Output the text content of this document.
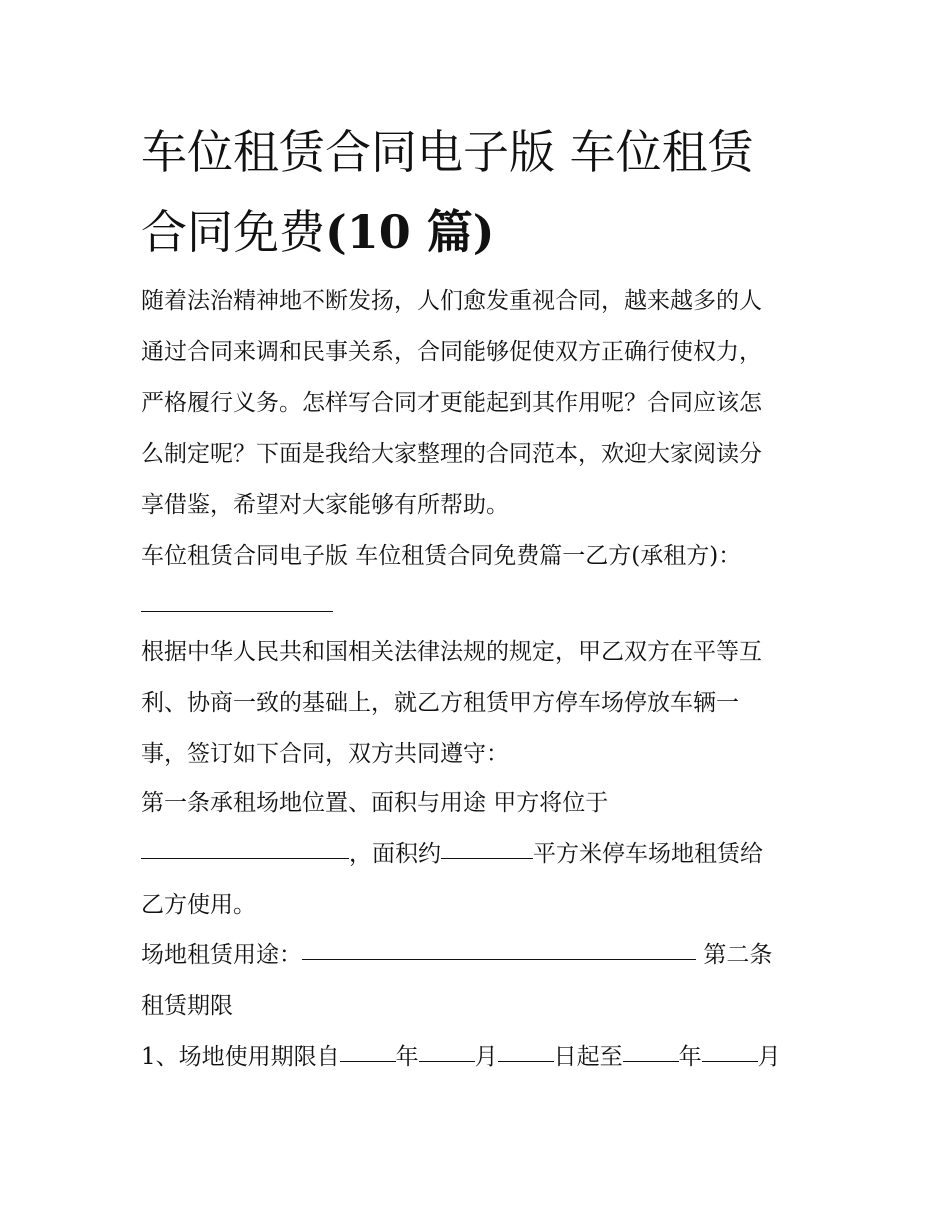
车位租赁合同电子版 车位租赁
合同免费(10 篇)
随着法治精神地不断发扬，人们愈发重视合同，越来越多的人
通过合同来调和民事关系，合同能够促使双方正确行使权力，
严格履行义务。怎样写合同才更能起到其作用呢？合同应该怎
么制定呢？下面是我给大家整理的合同范本，欢迎大家阅读分
享借鉴，希望对大家能够有所帮助。
车位租赁合同电子版 车位租赁合同免费篇一乙方(承租方)：
根据中华人民共和国相关法律法规的规定，甲乙双方在平等互
利、协商一致的基础上，就乙方租赁甲方停车场停放车辆一
事，签订如下合同，双方共同遵守：
第一条承租场地位置、面积与用途 甲方将位于
，面积约	平方米停车场地租赁给
乙方使用。
场地租赁用途：	第二条
租赁期限
1、场地使用期限自 年 月 日起至 年 月
